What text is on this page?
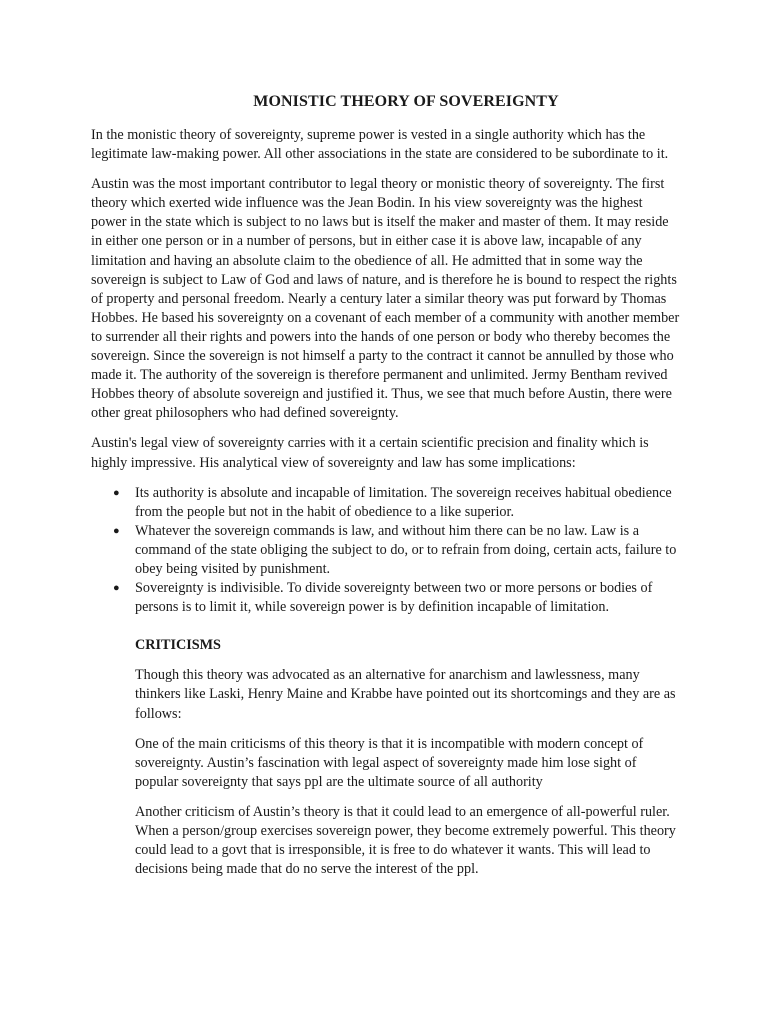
MONISTIC THEORY OF SOVEREIGNTY

In the monistic theory of sovereignty, supreme power is vested in a single authority which has the legitimate law-making power. All other associations in the state are considered to be subordinate to it.

Austin was the most important contributor to legal theory or monistic theory of sovereignty. The first theory which exerted wide influence was the Jean Bodin. In his view sovereignty was the highest power in the state which is subject to no laws but is itself the maker and master of them. It may reside in either one person or in a number of persons, but in either case it is above law, incapable of any limitation and having an absolute claim to the obedience of all. He admitted that in some way the sovereign is subject to Law of God and laws of nature, and is therefore he is bound to respect the rights of property and personal freedom. Nearly a century later a similar theory was put forward by Thomas Hobbes. He based his sovereignty on a covenant of each member of a community with another member to surrender all their rights and powers into the hands of one person or body who thereby becomes the sovereign. Since the sovereign is not himself a party to the contract it cannot be annulled by those who made it. The authority of the sovereign is therefore permanent and unlimited. Jermy Bentham revived Hobbes theory of absolute sovereign and justified it. Thus, we see that much before Austin, there were other great philosophers who had defined sovereignty.

Austin's legal view of sovereignty carries with it a certain scientific precision and finality which is highly impressive. His analytical view of sovereignty and law has some implications:

● Its authority is absolute and incapable of limitation. The sovereign receives habitual obedience from the people but not in the habit of obedience to a like superior.
● Whatever the sovereign commands is law, and without him there can be no law. Law is a command of the state obliging the subject to do, or to refrain from doing, certain acts, failure to obey being visited by punishment.
● Sovereignty is indivisible. To divide sovereignty between two or more persons or bodies of persons is to limit it, while sovereign power is by definition incapable of limitation.

CRITICISMS

Though this theory was advocated as an alternative for anarchism and lawlessness, many thinkers like Laski, Henry Maine and Krabbe have pointed out its shortcomings and they are as follows:

One of the main criticisms of this theory is that it is incompatible with modern concept of sovereignty. Austin’s fascination with legal aspect of sovereignty made him lose sight of popular sovereignty that says ppl are the ultimate source of all authority

Another criticism of Austin’s theory is that it could lead to an emergence of all-powerful ruler. When a person/group exercises sovereign power, they become extremely powerful. This theory could lead to a govt that is irresponsible, it is free to do whatever it wants. This will lead to decisions being made that do no serve the interest of the ppl.
